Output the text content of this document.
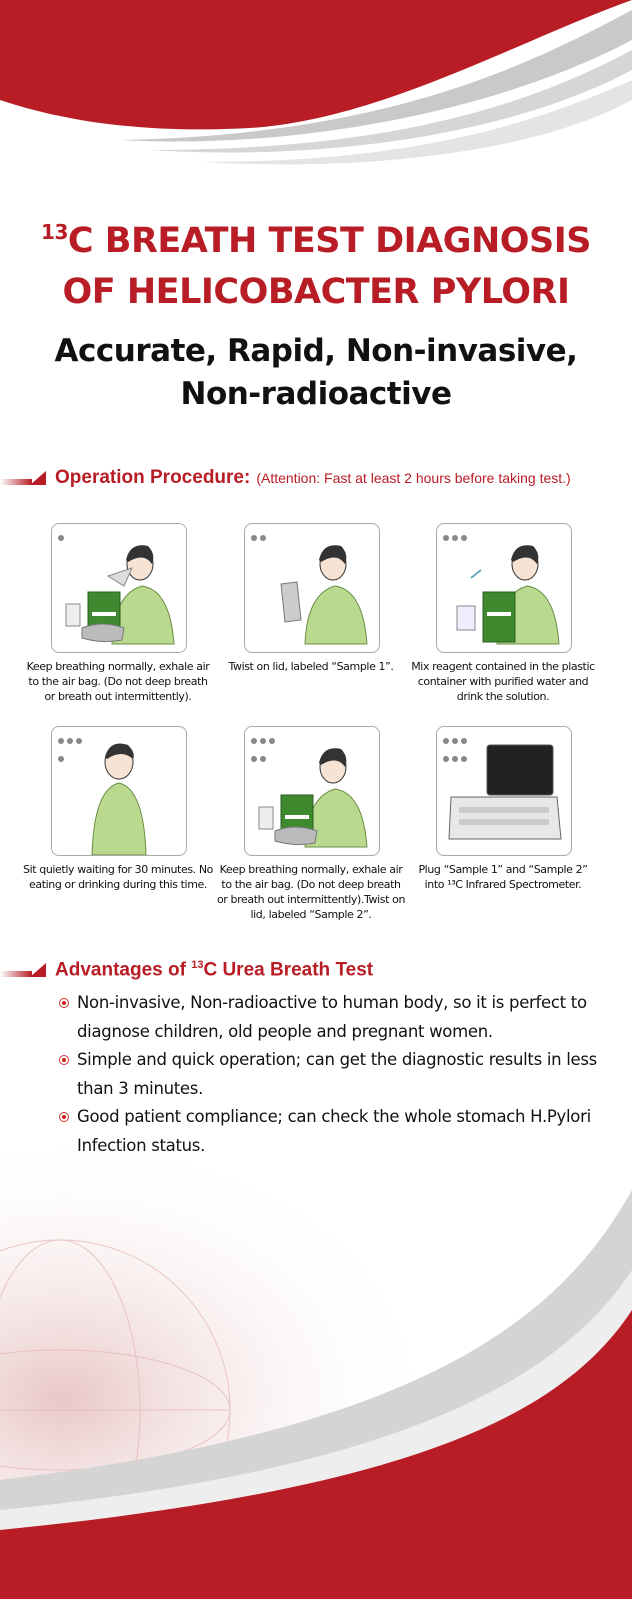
$^{13}$C BREATH TEST DIAGNOSIS
OF HELICOBACTER PYLORI
Accurate, Rapid, Non-invasive,
Non-radioactive
Operation Procedure: (Attention: Fast at least 2 hours before taking test.)
Keep breathing normally, exhale air to the air bag. (Do not deep breath or breath out intermittently).
Twist on lid, labeled “Sample 1”.	Mix reagent contained in the plastic container with purified water and drink the solution.
Sit quietly waiting for 30 minutes. No eating or drinking during this time.
Keep breathing normally, exhale air to the air bag. (Do not deep breath or breath out intermittently).Twist on lid, labeled “Sample 2”.
Plug “Sample 1” and “Sample 2” into ¹³C Infrared Spectrometer.
Advantages of $^{13}$C Urea Breath Test
Non-invasive, Non-radioactive to human body, so it is perfect to diagnose children, old people and pregnant women.
Simple and quick operation; can get the diagnostic results in less than 3 minutes.
Good patient compliance; can check the whole stomach H.Pylori Infection status.
